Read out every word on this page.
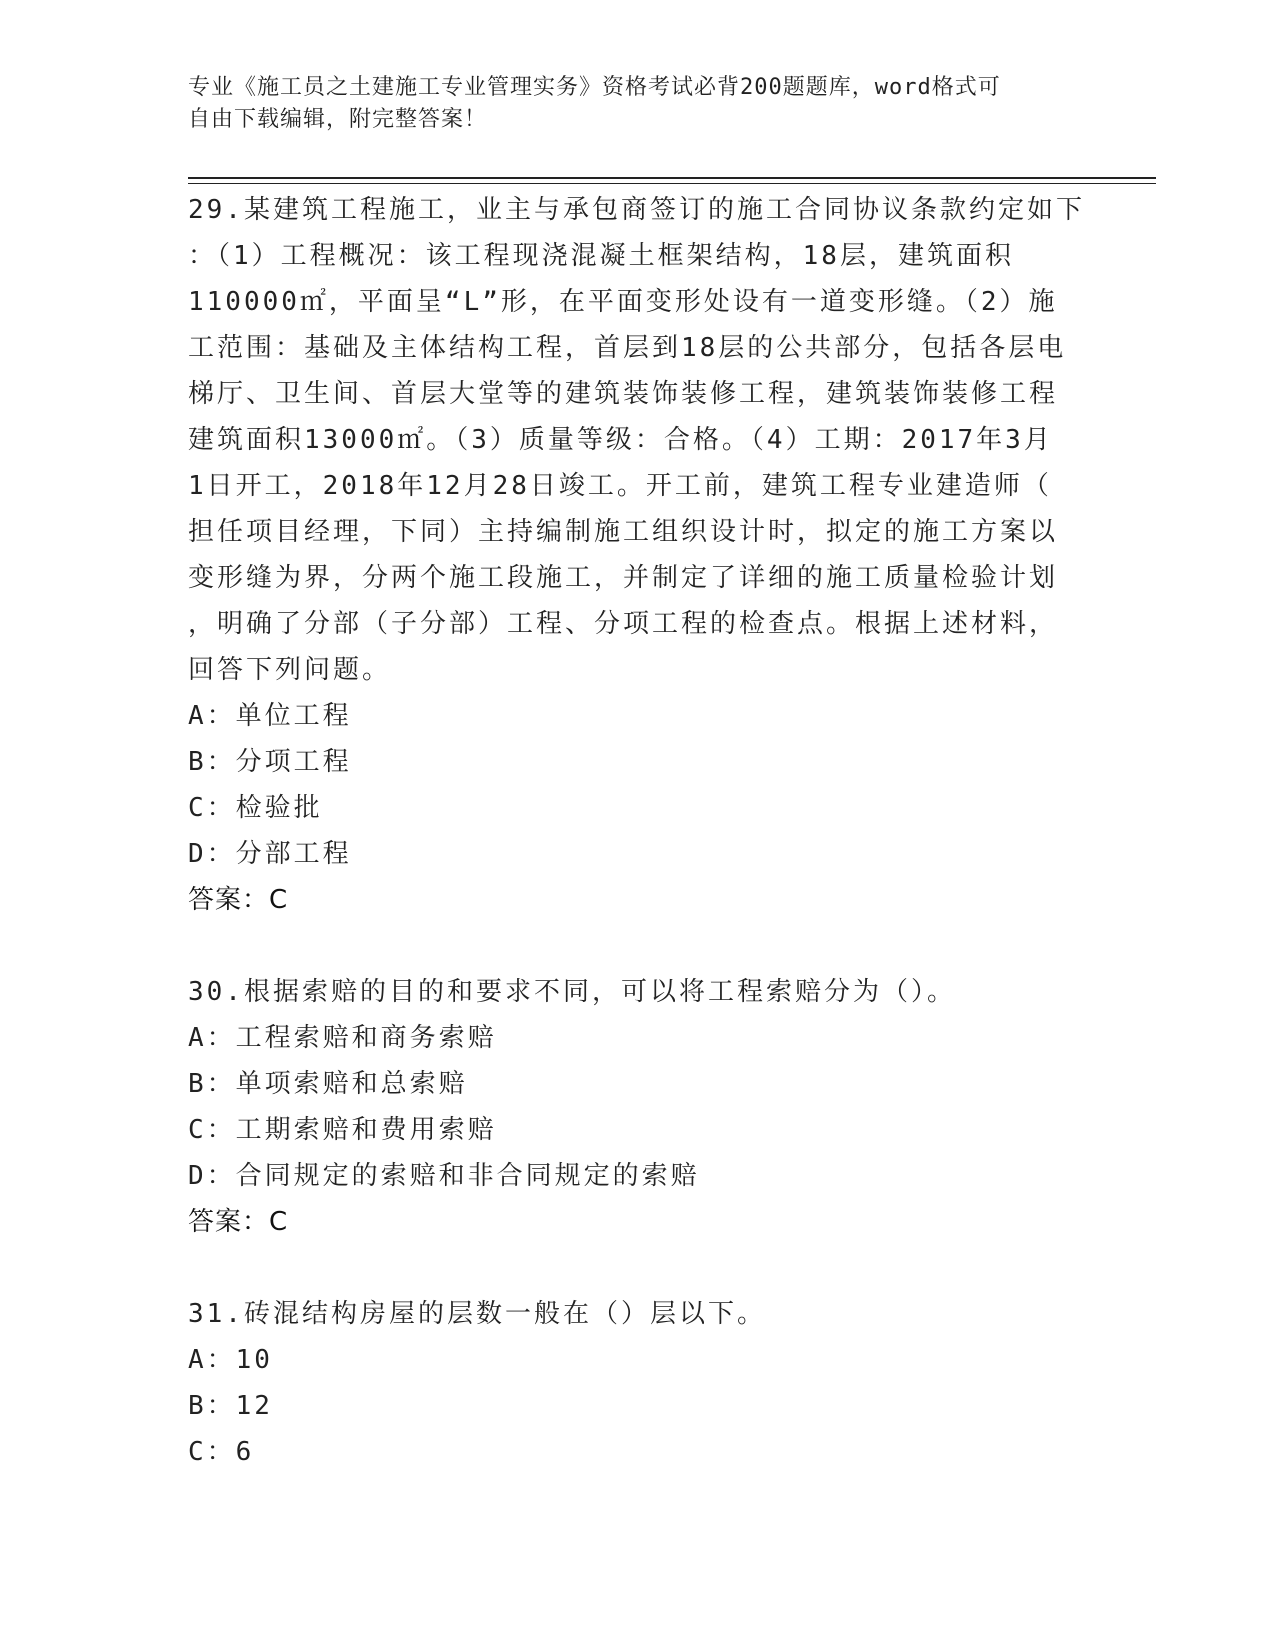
专业《施工员之土建施工专业管理实务》资格考试必背200题题库，word格式可
自由下载编辑，附完整答案！
29.某建筑工程施工，业主与承包商签订的施工合同协议条款约定如下
：（1）工程概况：该工程现浇混凝土框架结构，18层，建筑面积
110000㎡，平面呈“L”形，在平面变形处设有一道变形缝。（2）施
工范围：基础及主体结构工程，首层到18层的公共部分，包括各层电
梯厅、卫生间、首层大堂等的建筑装饰装修工程，建筑装饰装修工程
建筑面积13000㎡。（3）质量等级：合格。（4）工期：2017年3月
1日开工，2018年12月28日竣工。开工前，建筑工程专业建造师（
担任项目经理，下同）主持编制施工组织设计时，拟定的施工方案以
变形缝为界，分两个施工段施工，并制定了详细的施工质量检验计划
，明确了分部（子分部）工程、分项工程的检查点。根据上述材料，
回答下列问题。
A：单位工程
B：分项工程
C：检验批
D：分部工程
答案：C
30.根据索赔的目的和要求不同，可以将工程索赔分为（）。
A：工程索赔和商务索赔
B：单项索赔和总索赔
C：工期索赔和费用索赔
D：合同规定的索赔和非合同规定的索赔
答案：C
31.砖混结构房屋的层数一般在（）层以下。
A：10
B：12
C：6
